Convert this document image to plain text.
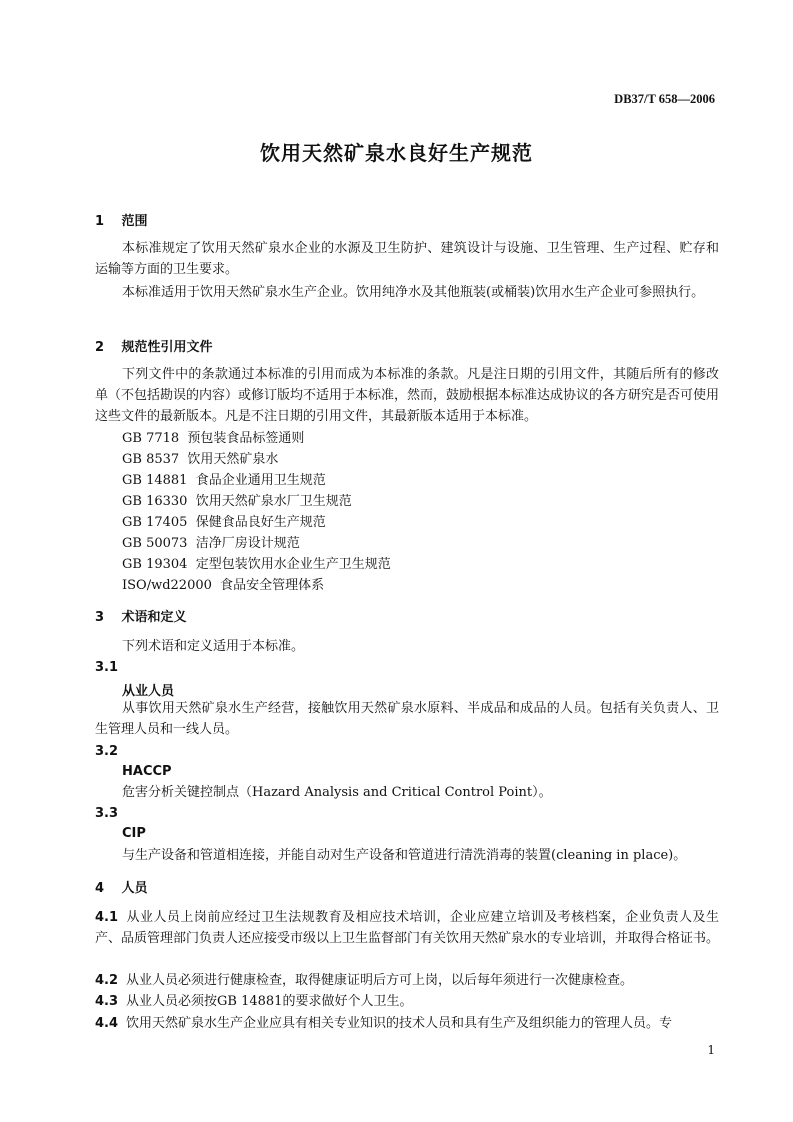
DB37/T 658—2006
饮用天然矿泉水良好生产规范
1 范围
本标准规定了饮用天然矿泉水企业的水源及卫生防护、建筑设计与设施、卫生管理、生产过程、贮存和运输等方面的卫生要求。
本标准适用于饮用天然矿泉水生产企业。饮用纯净水及其他瓶装(或桶装)饮用水生产企业可参照执行。
2 规范性引用文件
下列文件中的条款通过本标准的引用而成为本标准的条款。凡是注日期的引用文件，其随后所有的修改单（不包括勘误的内容）或修订版均不适用于本标准，然而，鼓励根据本标准达成协议的各方研究是否可使用这些文件的最新版本。凡是不注日期的引用文件，其最新版本适用于本标准。
GB 7718  预包装食品标签通则
GB 8537  饮用天然矿泉水
GB 14881  食品企业通用卫生规范
GB 16330  饮用天然矿泉水厂卫生规范
GB 17405  保健食品良好生产规范
GB 50073  洁净厂房设计规范
GB 19304  定型包装饮用水企业生产卫生规范
ISO/wd22000  食品安全管理体系
3 术语和定义
下列术语和定义适用于本标准。
3.1
从业人员
从事饮用天然矿泉水生产经营，接触饮用天然矿泉水原料、半成品和成品的人员。包括有关负责人、卫生管理人员和一线人员。
3.2
HACCP
危害分析关键控制点（Hazard Analysis and Critical Control Point）。
3.3
CIP
与生产设备和管道相连接，并能自动对生产设备和管道进行清洗消毒的装置(cleaning in place)。
4 人员
4.1 从业人员上岗前应经过卫生法规教育及相应技术培训，企业应建立培训及考核档案，企业负责人及生产、品质管理部门负责人还应接受市级以上卫生监督部门有关饮用天然矿泉水的专业培训，并取得合格证书。
4.2 从业人员必须进行健康检查，取得健康证明后方可上岗，以后每年须进行一次健康检查。
4.3 从业人员必须按GB 14881的要求做好个人卫生。
4.4 饮用天然矿泉水生产企业应具有相关专业知识的技术人员和具有生产及组织能力的管理人员。专
1
